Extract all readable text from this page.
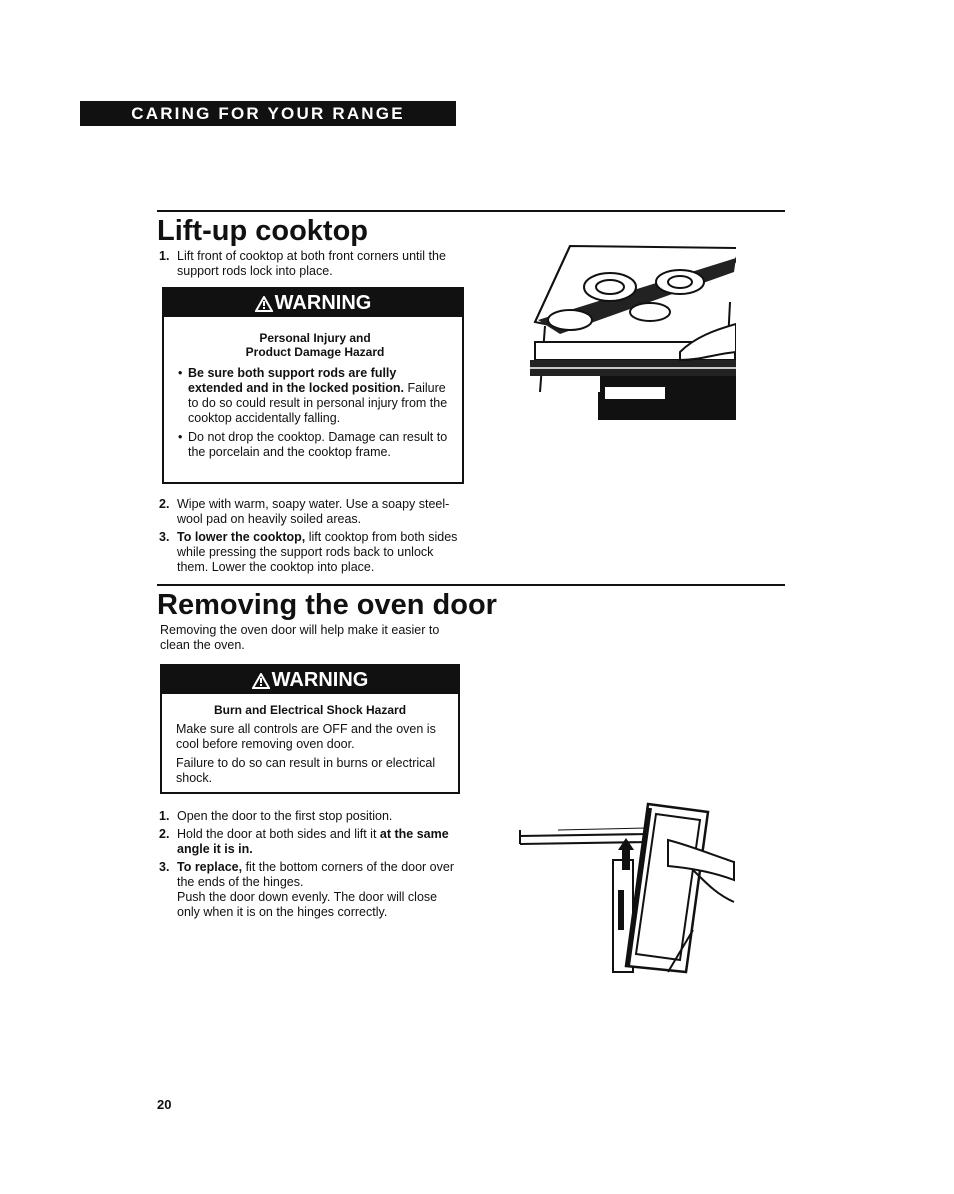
CARING FOR YOUR RANGE
Lift-up cooktop
1. Lift front of cooktop at both front corners until the support rods lock into place.
WARNING
Personal Injury and
Product Damage Hazard
• Be sure both support rods are fully extended and in the locked position. Failure to do so could result in personal injury from the cooktop accidentally falling.
• Do not drop the cooktop. Damage can result to the porcelain and the cooktop frame.
2. Wipe with warm, soapy water. Use a soapy steel-wool pad on heavily soiled areas.
3. To lower the cooktop, lift cooktop from both sides while pressing the support rods back to unlock them. Lower the cooktop into place.
Removing the oven door
Removing the oven door will help make it easier to clean the oven.
WARNING
Burn and Electrical Shock Hazard
Make sure all controls are OFF and the oven is cool before removing oven door.
Failure to do so can result in burns or electrical shock.
1. Open the door to the first stop position.
2. Hold the door at both sides and lift it at the same angle it is in.
3. To replace, fit the bottom corners of the door over the ends of the hinges.
Push the door down evenly. The door will close only when it is on the hinges correctly.
20
